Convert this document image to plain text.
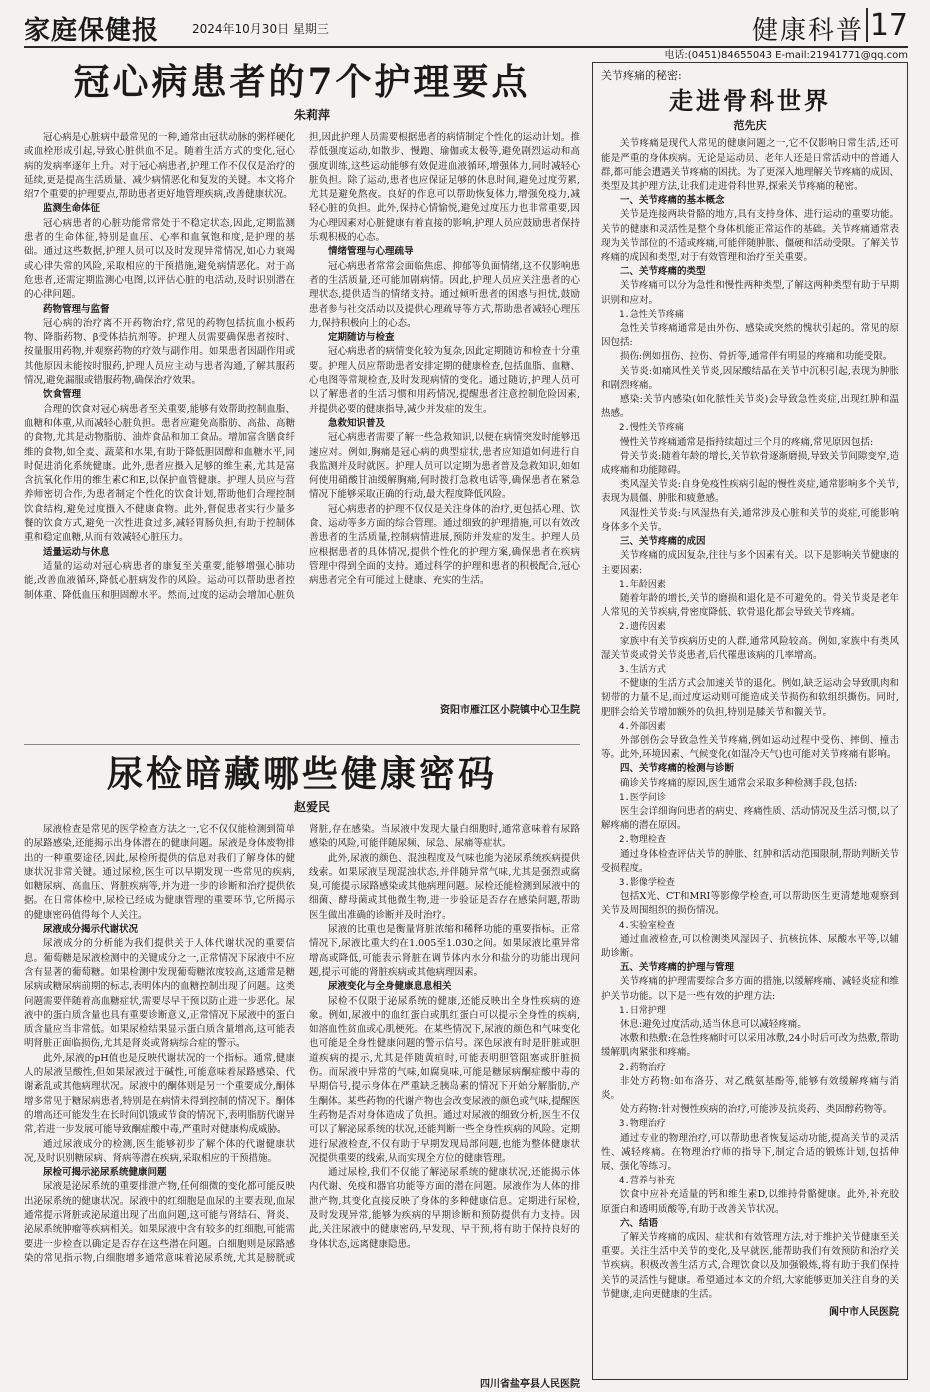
家庭保健报	2024年10月30日 星期三	健康科普 17
电话:(0451)84655043 E-mail:21941771@qq.com
冠心病患者的7个护理要点
朱莉萍

冠心病是心脏病中最常见的一种,通常由冠状动脉的粥样硬化或血栓形成引起,导致心脏供血不足。随着生活方式的变化,冠心病的发病率逐年上升。对于冠心病患者,护理工作不仅仅是治疗的延续,更是提高生活质量、减少病情恶化和复发的关键。本文将介绍7个重要的护理要点,帮助患者更好地管理疾病,改善健康状况。

监测生命体征

冠心病患者的心脏功能常常处于不稳定状态,因此,定期监测患者的生命体征,特别是血压、心率和血氧饱和度,是护理的基础。通过这些数据,护理人员可以及时发现异常情况,如心力衰竭或心律失常的风险,采取相应的干预措施,避免病情恶化。对于高危患者,还需定期监测心电图,以评估心脏的电活动,及时识别潜在的心律问题。

药物管理与监督

冠心病的治疗离不开药物治疗,常见的药物包括抗血小板药物、降脂药物、β受体拮抗剂等。护理人员需要确保患者按时、按量服用药物,并观察药物的疗效与副作用。如果患者因副作用或其他原因未能按时服药,护理人员应主动与患者沟通,了解其服药情况,避免漏服或错服药物,确保治疗效果。

饮食管理

合理的饮食对冠心病患者至关重要,能够有效帮助控制血脂、血糖和体重,从而减轻心脏负担。患者应避免高脂肪、高盐、高糖的食物,尤其是动物脂肪、油炸食品和加工食品。增加富含膳食纤维的食物,如全麦、蔬菜和水果,有助于降低胆固醇和血糖水平,同时促进消化系统健康。此外,患者应摄入足够的维生素,尤其是富含抗氧化作用的维生素C和E,以保护血管健康。护理人员应与营养师密切合作,为患者制定个性化的饮食计划,帮助他们合理控制饮食结构,避免过度摄入不健康食物。此外,督促患者实行少量多餐的饮食方式,避免一次性进食过多,减轻胃肠负担,有助于控制体重和稳定血糖,从而有效减轻心脏压力。

适量运动与休息

适量的运动对冠心病患者的康复至关重要,能够增强心肺功能,改善血液循环,降低心脏病发作的风险。运动可以帮助患者控制体重、降低血压和胆固醇水平。然而,过度的运动会增加心脏负担,因此护理人员需要根据患者的病情制定个性化的运动计划。推荐低强度运动,如散步、慢跑、瑜伽或太极等,避免剧烈运动和高强度训练,这些运动能够有效促进血液循环,增强体力,同时减轻心脏负担。除了运动,患者也应保证足够的休息时间,避免过度劳累,尤其是避免熬夜。良好的作息可以帮助恢复体力,增强免疫力,减轻心脏的负担。此外,保持心情愉悦,避免过度压力也非常重要,因为心理因素对心脏健康有着直接的影响,护理人员应鼓励患者保持乐观积极的心态。

情绪管理与心理疏导

冠心病患者常常会面临焦虑、抑郁等负面情绪,这不仅影响患者的生活质量,还可能加剧病情。因此,护理人员应关注患者的心理状态,提供适当的情绪支持。通过倾听患者的困惑与担忧,鼓励患者参与社交活动以及提供心理疏导等方式,帮助患者减轻心理压力,保持积极向上的心态。

定期随访与检查

冠心病患者的病情变化较为复杂,因此定期随访和检查十分重要。护理人员应帮助患者安排定期的健康检查,包括血脂、血糖、心电图等常规检查,及时发现病情的变化。通过随访,护理人员可以了解患者的生活习惯和用药情况,提醒患者注意控制危险因素,并提供必要的健康指导,减少并发症的发生。

急救知识普及

冠心病患者需要了解一些急救知识,以便在病情突发时能够迅速应对。例如,胸痛是冠心病的典型症状,患者应知道如何进行自我监测并及时就医。护理人员可以定期为患者普及急救知识,如如何使用硝酸甘油缓解胸痛,何时拨打急救电话等,确保患者在紧急情况下能够采取正确的行动,最大程度降低风险。

冠心病患者的护理不仅仅是关注身体的治疗,更包括心理、饮食、运动等多方面的综合管理。通过细致的护理措施,可以有效改善患者的生活质量,控制病情进展,预防并发症的发生。护理人员应根据患者的具体情况,提供个性化的护理方案,确保患者在疾病管理中得到全面的支持。通过科学的护理和患者的积极配合,冠心病患者完全有可能过上健康、充实的生活。

资阳市雁江区小院镇中心卫生院
尿检暗藏哪些健康密码
赵爱民

尿液检查是常见的医学检查方法之一,它不仅仅能检测到简单的尿路感染,还能揭示出身体潜在的健康问题。尿液是身体废物排出的一种重要途径,因此,尿检所提供的信息对我们了解身体的健康状况非常关键。通过尿检,医生可以早期发现一些常见的疾病,如糖尿病、高血压、肾脏疾病等,并为进一步的诊断和治疗提供依据。在日常体检中,尿检已经成为健康管理的重要环节,它所揭示的健康密码值得每个人关注。

尿液成分揭示代谢状况

尿液成分的分析能为我们提供关于人体代谢状况的重要信息。葡萄糖是尿液检测中的关键成分之一,正常情况下尿液中不应含有显著的葡萄糖。如果检测中发现葡萄糖浓度较高,这通常是糖尿病或糖尿病前期的标志,表明体内的血糖控制出现了问题。这类问题需要伴随着高血糖症状,需要尽早干预以防止进一步恶化。尿液中的蛋白质含量也具有重要诊断意义,正常情况下尿液中的蛋白质含量应当非常低。如果尿检结果显示蛋白质含量增高,这可能表明肾脏正面临损伤,尤其是肾炎或肾病综合症的警示。

此外,尿液的pH值也是反映代谢状况的一个指标。通常,健康人的尿液呈酸性,但如果尿液过于碱性,可能意味着尿路感染、代谢紊乱或其他病理状况。尿液中的酮体则是另一个重要成分,酮体增多常见于糖尿病患者,特别是在病情未得到控制的情况下。酮体的增高还可能发生在长时间饥饿或节食的情况下,表明脂肪代谢异常,若进一步发展可能导致酮症酸中毒,严重时对健康构成威胁。

通过尿液成分的检测,医生能够初步了解个体的代谢健康状况,及时识别糖尿病、肾病等潜在疾病,采取相应的干预措施。

尿检可揭示泌尿系统健康问题

尿液是泌尿系统的重要排泄产物,任何细微的变化都可能反映出泌尿系统的健康状况。尿液中的红细胞是血尿的主要表现,血尿通常提示肾脏或泌尿道出现了出血问题,这可能与肾结石、肾炎、泌尿系统肿瘤等疾病相关。如果尿液中含有较多的红细胞,可能需要进一步检查以确定是否存在这些潜在问题。白细胞则是尿路感染的常见指示物,白细胞增多通常意味着泌尿系统,尤其是膀胱或肾脏,存在感染。当尿液中发现大量白细胞时,通常意味着有尿路感染的风险,可能伴随尿频、尿急、尿痛等症状。

此外,尿液的颜色、混浊程度及气味也能为泌尿系统疾病提供线索。如果尿液呈现混浊状态,并伴随异常气味,尤其是强烈或腐臭,可能提示尿路感染或其他病理问题。尿检还能检测到尿液中的细菌、酵母菌或其他微生物,进一步验证是否存在感染问题,帮助医生做出准确的诊断并及时治疗。

尿液的比重也是衡量肾脏浓缩和稀释功能的重要指标。正常情况下,尿液比重大约在1.005至1.030之间。如果尿液比重异常增高或降低,可能表示肾脏在调节体内水分和盐分的功能出现问题,提示可能的肾脏疾病或其他病理因素。

尿液变化与全身健康息息相关

尿检不仅限于泌尿系统的健康,还能反映出全身性疾病的迹象。例如,尿液中的血红蛋白或肌红蛋白可以提示全身性的疾病,如溶血性贫血或心肌梗死。在某些情况下,尿液的颜色和气味变化也可能是全身性健康问题的警示信号。深色尿液有时是肝脏或胆道疾病的提示,尤其是伴随黄疸时,可能表明胆管阻塞或肝脏损伤。而尿液中异常的气味,如腐臭味,可能是糖尿病酮症酸中毒的早期信号,提示身体在严重缺乏胰岛素的情况下开始分解脂肪,产生酮体。某些药物的代谢产物也会改变尿液的颜色或气味,提醒医生药物是否对身体造成了负担。通过对尿液的细致分析,医生不仅可以了解泌尿系统的状况,还能判断一些全身性疾病的风险。定期进行尿液检查,不仅有助于早期发现局部问题,也能为整体健康状况提供重要的线索,从而实现全方位的健康管理。

通过尿检,我们不仅能了解泌尿系统的健康状况,还能揭示体内代谢、免疫和器官功能等方面的潜在问题。尿液作为人体的排泄产物,其变化直接反映了身体的多种健康信息。定期进行尿检,及时发现异常,能够为疾病的早期诊断和预防提供有力支持。因此,关注尿液中的健康密码,早发现、早干预,将有助于保持良好的身体状态,远离健康隐患。

四川省盐亭县人民医院
关节疼痛的秘密:
走进骨科世界
范先庆

关节疼痛是现代人常见的健康问题之一,它不仅影响日常生活,还可能是严重的身体疾病。无论是运动员、老年人还是日常活动中的普通人群,都可能会遭遇关节疼痛的困扰。为了更深入地理解关节疼痛的成因、类型及其护理方法,让我们走进骨科世界,探索关节疼痛的秘密。

一、关节疼痛的基本概念

关节是连接两块骨骼的地方,具有支持身体、进行运动的重要功能。关节的健康和灵活性是整个身体机能正常运作的基础。关节疼痛通常表现为关节部位的不适或疼痛,可能伴随肿胀、僵硬和活动受限。了解关节疼痛的成因和类型,对于有效管理和治疗至关重要。

二、关节疼痛的类型

关节疼痛可以分为急性和慢性两种类型,了解这两种类型有助于早期识别和应对。

1.急性关节疼痛

急性关节疼痛通常是由外伤、感染或突然的愧状引起的。常见的原因包括:

损伤:例如扭伤、拉伤、骨折等,通常伴有明显的疼痛和功能受限。

关节炎:如痛风性关节炎,因尿酸结晶在关节中沉积引起,表现为肿胀和剧烈疼痛。

感染:关节内感染(如化脓性关节炎)会导致急性炎症,出现红肿和温热感。

2.慢性关节疼痛

慢性关节疼痛通常是指持续超过三个月的疼痛,常见原因包括:

骨关节炎:随着年龄的增长,关节软骨逐渐磨损,导致关节间隙变窄,造成疼痛和功能障碍。

类风湿关节炎:自身免疫性疾病引起的慢性炎症,通常影响多个关节,表现为晨僵、肿胀和疲惫感。

风湿性关节炎:与风湿热有关,通常涉及心脏和关节的炎症,可能影响身体多个关节。

三、关节疼痛的成因

关节疼痛的成因复杂,往往与多个因素有关。以下是影响关节健康的主要因素:

1.年龄因素

随着年龄的增长,关节的磨损和退化是不可避免的。骨关节炎是老年人常见的关节疾病,骨密度降低、软骨退化都会导致关节疼痛。

2.遗传因素

家族中有关节疾病历史的人群,通常风险较高。例如,家族中有类风湿关节炎或骨关节炎患者,后代罹患该病的几率增高。

3.生活方式

不健康的生活方式会加速关节的退化。例如,缺乏运动会导致肌肉和韧带的力量不足,而过度运动则可能造成关节损伤和软组织撕伤。同时,肥胖会给关节增加额外的负担,特别是膝关节和髋关节。

4.外部因素

外部创伤会导致急性关节疼痛,例如运动过程中受伤、摔倒、撞击等。此外,环境因素、气候变化(如湿冷天气)也可能对关节疼痛有影响。

四、关节疼痛的检测与诊断

确诊关节疼痛的原因,医生通常会采取多种检测手段,包括:

1.医学问诊

医生会详细询问患者的病史、疼痛性质、活动情况及生活习惯,以了解疼痛的潜在原因。

2.物理检查

通过身体检查评估关节的肿胀、红肿和活动范围限制,帮助判断关节受损程度。

3.影像学检查

包括X光、CT和MRI等影像学检查,可以帮助医生更清楚地观察到关节及周围组织的损伤情况。

4.实验室检查

通过血液检查,可以检测类风湿因子、抗核抗体、尿酸水平等,以辅助诊断。

五、关节疼痛的护理与管理

关节疼痛的护理需要综合多方面的措施,以缓解疼痛、减轻炎症和维护关节功能。以下是一些有效的护理方法:

1.日常护理

休息:避免过度活动,适当休息可以减轻疼痛。

冰敷和热敷:在急性疼痛时可以采用冰敷,24小时后可改为热敷,帮助缓解肌肉紧张和疼痛。

2.药物治疗

非处方药物:如布洛芬、对乙酰氨基酚等,能够有效缓解疼痛与消炎。

处方药物:针对慢性疾病的治疗,可能涉及抗炎药、类固醇药物等。

3.物理治疗

通过专业的物理治疗,可以帮助患者恢复运动功能,提高关节的灵活性、减轻疼痛。在物理治疗师的指导下,制定合适的锻炼计划,包括伸展、强化等练习。

4.营养与补充

饮食中应补充适量的钙和维生素D,以维持骨骼健康。此外,补充胶原蛋白和透明质酸等,有助于改善关节状况。

六、结语

了解关节疼痛的成因、症状和有效管理方法,对于维护关节健康至关重要。关注生活中关节的变化,及早就医,能帮助我们有效预防和治疗关节疾病。积极改善生活方式,合理饮食以及加强锻炼,将有助于我们保持关节的灵活性与健康。希望通过本文的介绍,大家能够更加关注自身的关节健康,走向更健康的生活。

阆中市人民医院
